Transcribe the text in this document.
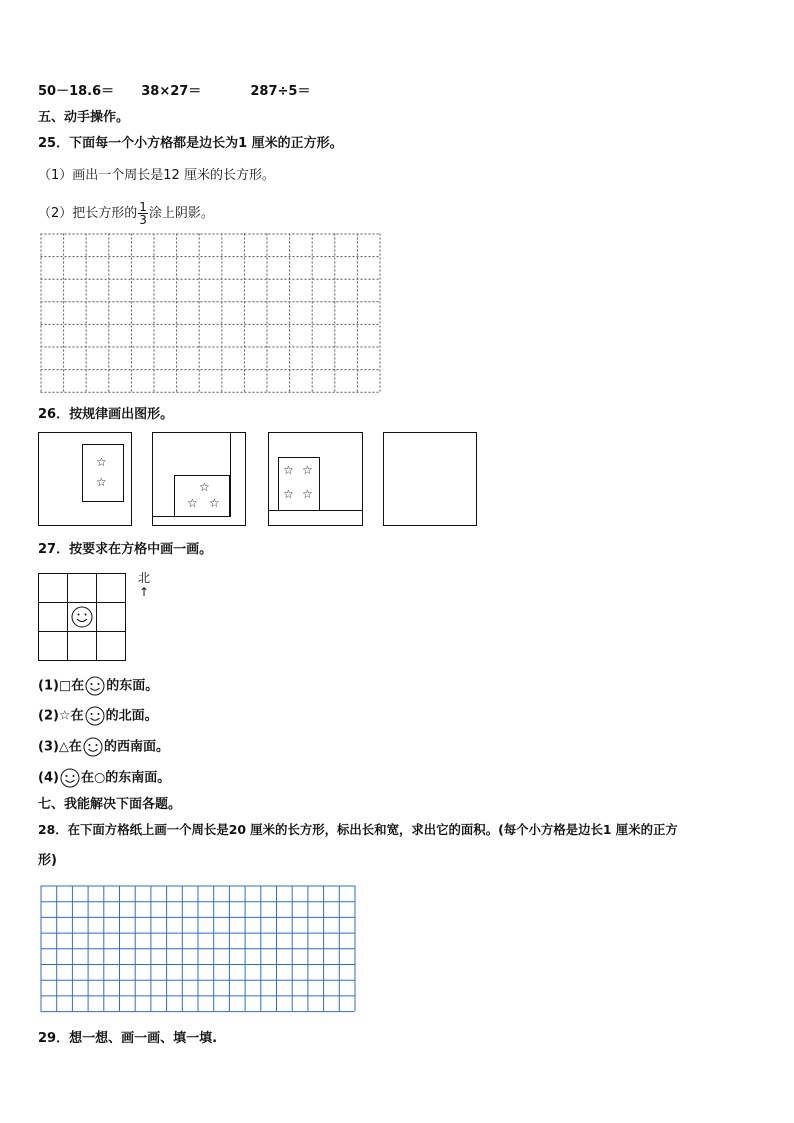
50－18.6＝ 38×27＝	287÷5＝
五、动手操作。
25．下面每一个小方格都是边长为1 厘米的正方形。
（1）画出一个周长是12 厘米的长方形。
（2）把长方形的 $\frac{1}{3}$ 涂上阴影。
26．按规律画出图形。
☆
☆	☆
☆ ☆
☆ ☆
☆ ☆
27．按要求在方格中画一画。
北
↑
(1)□在 的东面。
(2)☆在 的北面。
(3)△在 的西南面。
(4) 在○的东南面。
七、我能解决下面各题。
28．在下面方格纸上画一个周长是20 厘米的长方形，标出长和宽，求出它的面积。(每个小方格是边长1 厘米的正方
形)
29．想一想、画一画、填一填.
